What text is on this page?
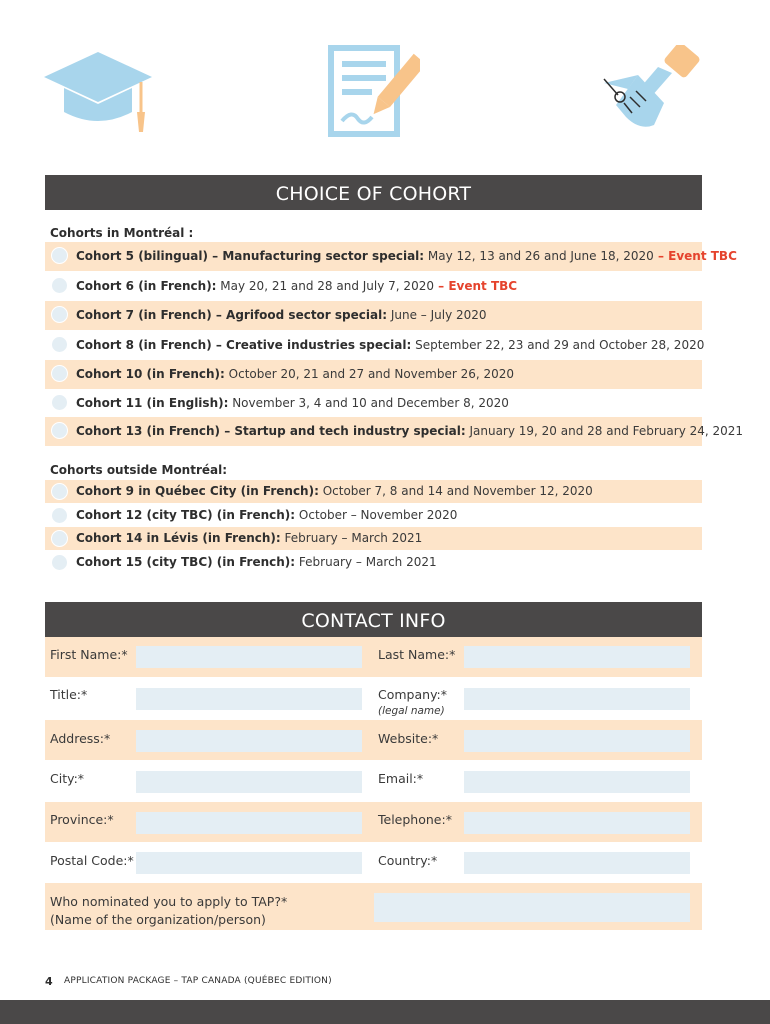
CHOICE OF COHORT
Cohorts in Montréal :
Cohort 5 (bilingual) – Manufacturing sector special: May 12, 13 and 26 and June 18, 2020 – Event TBC
Cohort 6 (in French): May 20, 21 and 28 and July 7, 2020 – Event TBC
Cohort 7 (in French) – Agrifood sector special: June – July 2020
Cohort 8 (in French) – Creative industries special: September 22, 23 and 29 and October 28, 2020
Cohort 10 (in French): October 20, 21 and 27 and November 26, 2020
Cohort 11 (in English): November 3, 4 and 10 and December 8, 2020
Cohort 13 (in French) – Startup and tech industry special: January 19, 20 and 28 and February 24, 2021
Cohorts outside Montréal:
Cohort 9 in Québec City (in French): October 7, 8 and 14 and November 12, 2020
Cohort 12 (city TBC) (in French): October – November 2020
Cohort 14 in Lévis (in French): February – March 2021
Cohort 15 (city TBC) (in French): February – March 2021
CONTACT INFO
First Name:*	Last Name:*
Title:*	Company:*
(legal name)
Address:*	Website:*
City:*	Email:*
Province:*	Telephone:*
Postal Code:*	Country:*
Who nominated you to apply to TAP?*
(Name of the organization/person)
4 APPLICATION PACKAGE – TAP CANADA (QUÉBEC EDITION)
